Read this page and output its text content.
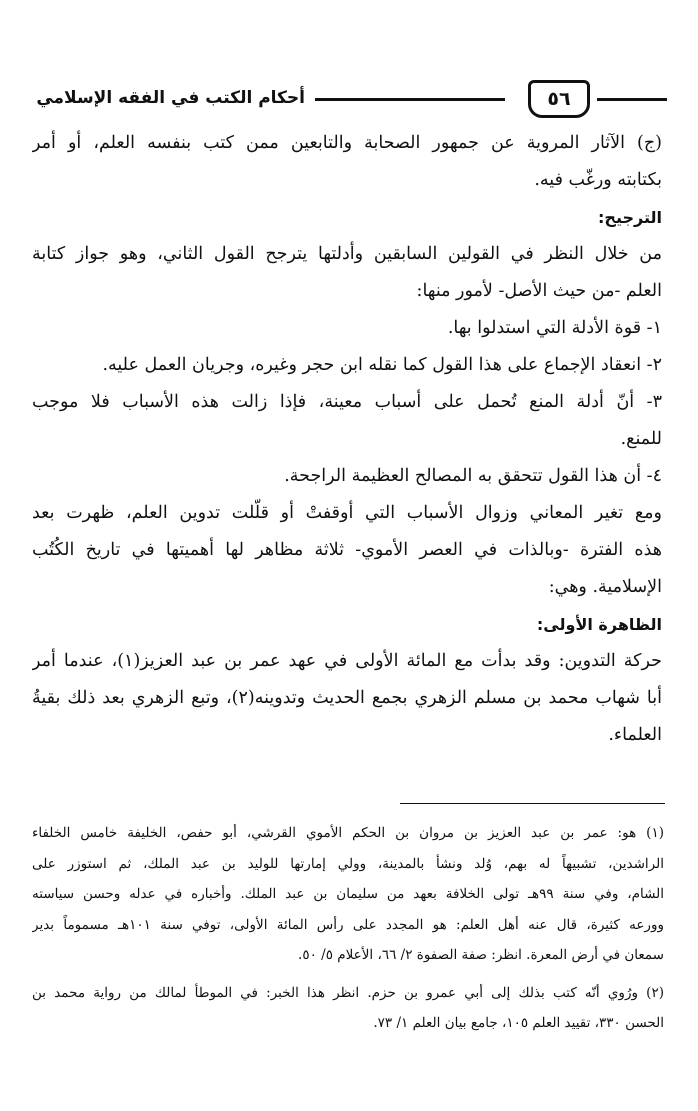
أحكام الكتب في الفقه الإسلامي	٥٦
(ج) الآثار المروية عن جمهور الصحابة والتابعين ممن كتب بنفسه العلم، أو أمر
بكتابته ورغّب فيه.
الترجيح:
من خلال النظر في القولين السابقين وأدلتها يترجح القول الثاني، وهو جواز كتابة
العلم -من حيث الأصل- لأمور منها:
١- قوة الأدلة التي استدلوا بها.
٢- انعقاد الإجماع على هذا القول كما نقله ابن حجر وغيره، وجريان العمل عليه.
٣- أنّ أدلة المنع تُحمل على أسباب معينة، فإذا زالت هذه الأسباب فلا موجب
للمنع.
٤- أن هذا القول تتحقق به المصالح العظيمة الراجحة.
ومع تغير المعاني وزوال الأسباب التي أوقفتْ أو قلّلت تدوين العلم، ظهرت بعد
هذه الفترة -وبالذات في العصر الأموي- ثلاثة مظاهر لها أهميتها في تاريخ الكُتُب
الإسلامية. وهي:
الظاهرة الأولى:
حركة التدوين: وقد بدأت مع المائة الأولى في عهد عمر بن عبد العزيز(١)، عندما أمر
أبا شهاب محمد بن مسلم الزهري بجمع الحديث وتدوينه(٢)، وتبع الزهري بعد ذلك بقيةُ
العلماء.
(١) هو: عمر بن عبد العزيز بن مروان بن الحكم الأموي القرشي، أبو حفص، الخليفة خامس الخلفاء
الراشدين، تشبيهاً له بهم، وُلد ونشأ بالمدينة، وولي إمارتها للوليد بن عبد الملك، ثم استوزر على
الشام، وفي سنة ٩٩هـ تولى الخلافة بعهد من سليمان بن عبد الملك. وأخباره في عدله وحسن سياسته
وورعه كثيرة، قال عنه أهل العلم: هو المجدد على رأس المائة الأولى، توفي سنة ١٠١هـ مسموماً بدير
سمعان في أرض المعرة. انظر: صفة الصفوة ٢/ ٦٦، الأعلام ٥/ ٥٠.
(٢) ورُوي أنّه كتب بذلك إلى أبي عمرو بن حزم. انظر هذا الخبر: في الموطأ لمالك من رواية محمد بن
الحسن ٣٣٠، تقييد العلم ١٠٥، جامع بيان العلم ١/ ٧٣.
